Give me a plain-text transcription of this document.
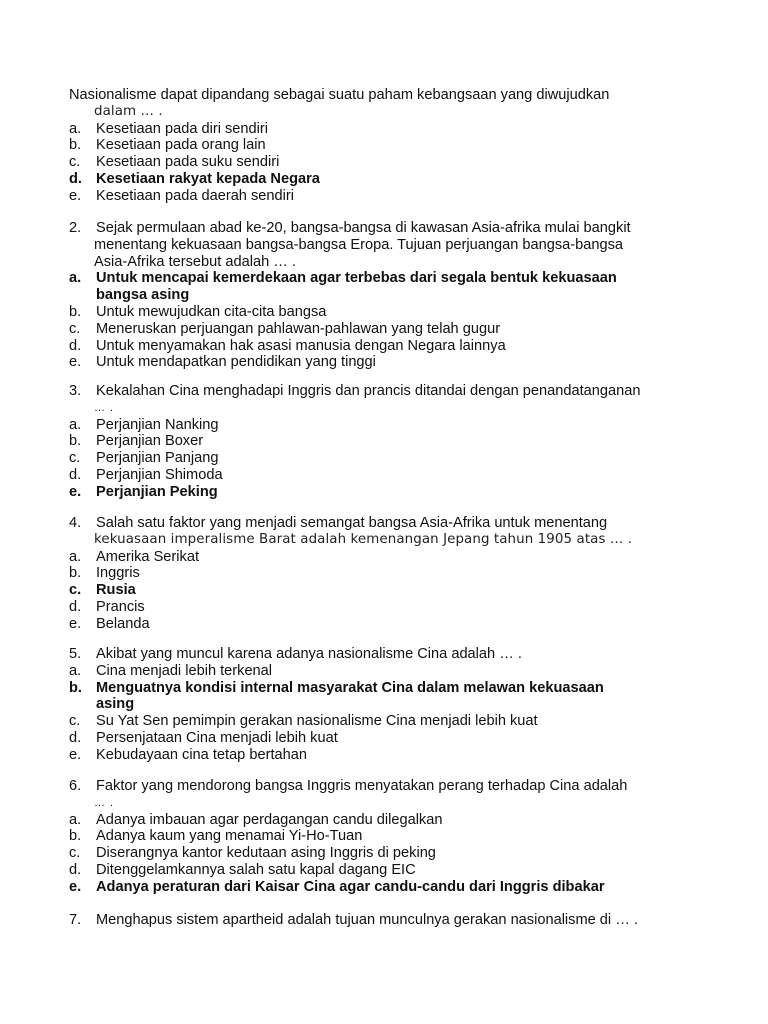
Nasionalisme dapat dipandang sebagai suatu paham kebangsaan yang diwujudkan
dalam … .
a.	Kesetiaan pada diri sendiri
b.	Kesetiaan pada orang lain
c.	Kesetiaan pada suku sendiri
d. Kesetiaan rakyat kepada Negara
e.	Kesetiaan pada daerah sendiri
2. Sejak permulaan abad ke-20, bangsa-bangsa di kawasan Asia-afrika mulai bangkit
menentang kekuasaan bangsa-bangsa Eropa. Tujuan perjuangan bangsa-bangsa
Asia-Afrika tersebut adalah … .
a.	Untuk mencapai kemerdekaan agar terbebas dari segala bentuk kekuasaan
bangsa asing
b.	Untuk mewujudkan cita-cita bangsa
c.	Meneruskan perjuangan pahlawan-pahlawan yang telah gugur
d.	Untuk menyamakan hak asasi manusia dengan Negara lainnya
e.	Untuk mendapatkan pendidikan yang tinggi
3. Kekalahan Cina menghadapi Inggris dan prancis ditandai dengan penandatanganan
… .
a.	Perjanjian Nanking
b.	Perjanjian Boxer
c.	Perjanjian Panjang
d.	Perjanjian Shimoda
e.	Perjanjian Peking
4. Salah satu faktor yang menjadi semangat bangsa Asia-Afrika untuk menentang
kekuasaan imperalisme Barat adalah kemenangan Jepang tahun 1905 atas … .
a.	Amerika Serikat
b.	Inggris
c.	Rusia
d.	Prancis
e.	Belanda
5. Akibat yang muncul karena adanya nasionalisme Cina adalah … .
a.	Cina menjadi lebih terkenal
b. Menguatnya kondisi internal masyarakat Cina dalam melawan kekuasaan
asing
c.	Su Yat Sen pemimpin gerakan nasionalisme Cina menjadi lebih kuat
d.	Persenjataan Cina menjadi lebih kuat
e.	Kebudayaan cina tetap bertahan
6. Faktor yang mendorong bangsa Inggris menyatakan perang terhadap Cina adalah
… .
a.	Adanya imbauan agar perdagangan candu dilegalkan
b.	Adanya kaum yang menamai Yi-Ho-Tuan
c.	Diserangnya kantor kedutaan asing Inggris di peking
d.	Ditenggelamkannya salah satu kapal dagang EIC
e.	Adanya peraturan dari Kaisar Cina agar candu-candu dari Inggris dibakar
7. Menghapus sistem apartheid adalah tujuan munculnya gerakan nasionalisme di … .
